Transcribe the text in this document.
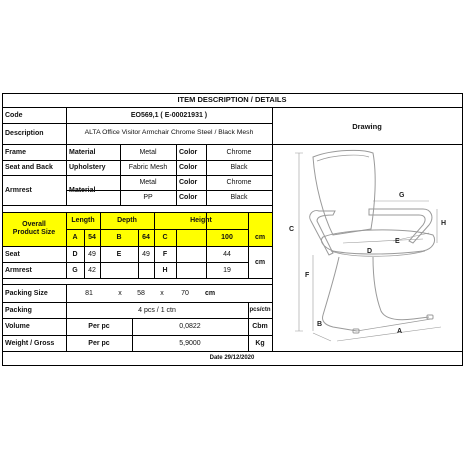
ITEM DESCRIPTION / DETAILS
Code	EO569,1 ( E-00021931 )
Description	ALTA Office Visitor Armchair Chrome Steel / Black Mesh
Drawing
Frame	Material	Metal	Color	Chrome
Seat and Back	Upholstery	Fabric Mesh	Color	Black
Armrest	Material
Metal	Color	Chrome
PP	Color	Black
Overall Product Size
Length	Depth	Height
A	54	B	64	C	100	cm
Seat	D	49	E	49	F	44
Armrest	G	42	H	19
cm
Packing Size	81	x	58	x	70	cm
Packing	4 pcs / 1 ctn	pcs/ctn
Volume	Per pc	0,0822	Cbm
Weight / Gross	Per pc	5,9000	Kg
Date 29/12/2020
C
F
B
A
D
E
G
H
